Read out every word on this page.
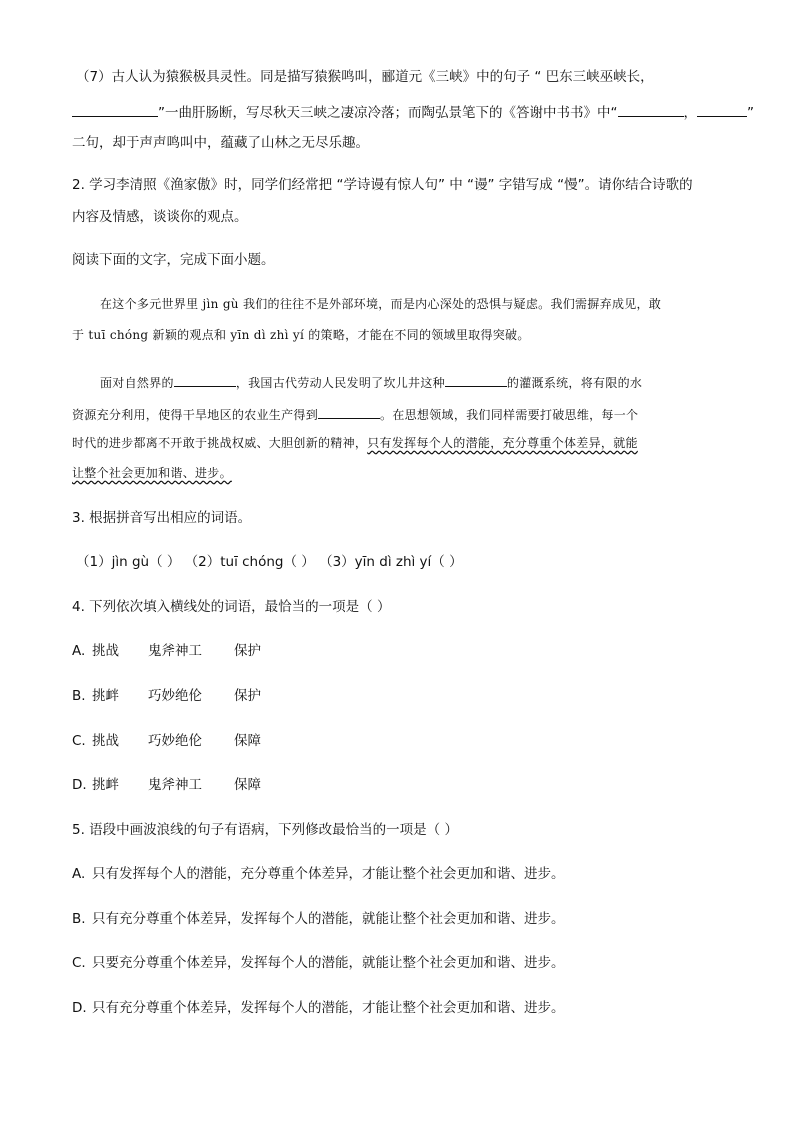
（7）古人认为猿猴极具灵性。同是描写猿猴鸣叫，郦道元《三峡》中的句子 “ 巴东三峡巫峡长，
”一曲肝肠断，写尽秋天三峡之凄凉冷落；而陶弘景笔下的《答谢中书书》中“	，	”
二句，却于声声鸣叫中，蕴藏了山林之无尽乐趣。
2. 学习李清照《渔家傲》时，同学们经常把 “学诗谩有惊人句” 中 “谩” 字错写成 “慢”。请你结合诗歌的
内容及情感，谈谈你的观点。
阅读下面的文字，完成下面小题。
在这个多元世界里 jìn gù 我们的往往不是外部环境，而是内心深处的恐惧与疑虑。我们需摒弃成见，敢
于 tuī chóng 新颖的观点和 yīn dì zhì yí 的策略，才能在不同的领域里取得突破。
面对自然界的	，我国古代劳动人民发明了坎儿井这种	的灌溉系统，将有限的水
资源充分利用，使得干旱地区的农业生产得到	。在思想领域，我们同样需要打破思维，每一个
时代的进步都离不开敢于挑战权威、大胆创新的精神，只有发挥每个人的潜能，充分尊重个体差异，就能
让整个社会更加和谐、进步。
3. 根据拼音写出相应的词语。
（1）jìn gù（ ） （2）tuī chóng（ ） （3）yīn dì zhì yí（ ）
4. 下列依次填入横线处的词语，最恰当的一项是（ ）
A. 挑战 鬼斧神工 保护
B. 挑衅 巧妙绝伦 保护
C. 挑战 巧妙绝伦 保障
D. 挑衅 鬼斧神工 保障
5. 语段中画波浪线的句子有语病，下列修改最恰当的一项是（ ）
A. 只有发挥每个人的潜能，充分尊重个体差异，才能让整个社会更加和谐、进步。
B. 只有充分尊重个体差异，发挥每个人的潜能，就能让整个社会更加和谐、进步。
C. 只要充分尊重个体差异，发挥每个人的潜能，就能让整个社会更加和谐、进步。
D. 只有充分尊重个体差异，发挥每个人的潜能，才能让整个社会更加和谐、进步。
